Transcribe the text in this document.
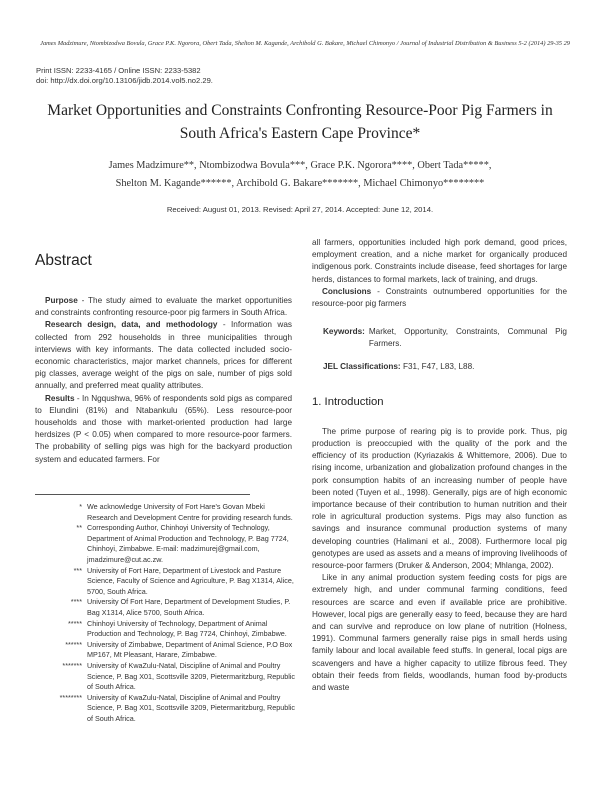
James Madzimure, Ntombizodwa Bovula, Grace P.K. Ngorora, Obert Tada, Shelton M. Kagande, Archibold G. Bakare, Michael Chimonyo / Journal of Industrial Distribution & Business 5-2 (2014) 29-35 29
Print ISSN: 2233-4165 / Online ISSN: 2233-5382
doi: http://dx.doi.org/10.13106/jidb.2014.vol5.no2.29.
Market Opportunities and Constraints Confronting Resource-Poor Pig Farmers in
South Africa's Eastern Cape Province*
James Madzimure**, Ntombizodwa Bovula***, Grace P.K. Ngorora****, Obert Tada*****,
Shelton M. Kagande******, Archibold G. Bakare*******, Michael Chimonyo********
Received: August 01, 2013. Revised: April 27, 2014. Accepted: June 12, 2014.

Abstract

Purpose - The study aimed to evaluate the market opportunities and constraints confronting resource-poor pig farmers in South Africa.

Research design, data, and methodology - Information was collected from 292 households in three municipalities through interviews with key informants. The data collected included socio-economic characteristics, major market channels, prices for different pig classes, average weight of the pigs on sale, number of pigs sold annually, and preferred meat quality attributes.

Results - In Ngqushwa, 96% of respondents sold pigs as compared to Elundini (81%) and Ntabankulu (65%). Less resource-poor households and those with market-oriented production had large herdsizes (P < 0.05) when compared to more resource-poor farmers. The probability of selling pigs was high for the backyard production system and educated farmers. For

* We acknowledge University of Fort Hare's Govan Mbeki Research and Development Centre for providing research funds.
** Corresponding Author, Chinhoyi University of Technology, Department of Animal Production and Technology, P. Bag 7724, Chinhoyi, Zimbabwe. E-mail: madzimurej@gmail.com, jmadzimure@cut.ac.zw.
*** University of Fort Hare, Department of Livestock and Pasture Science, Faculty of Science and Agriculture, P. Bag X1314, Alice, 5700, South Africa.
**** University Of Fort Hare, Department of Development Studies, P. Bag X1314, Alice 5700, South Africa.
***** Chinhoyi University of Technology, Department of Animal Production and Technology, P. Bag 7724, Chinhoyi, Zimbabwe.
****** University of Zimbabwe, Department of Animal Science, P.O Box MP167, Mt Pleasant, Harare, Zimbabwe.
******* University of KwaZulu-Natal, Discipline of Animal and Poultry Science, P. Bag X01, Scottsville 3209, Pietermaritzburg, Republic of South Africa.
******** University of KwaZulu-Natal, Discipline of Animal and Poultry Science, P. Bag X01, Scottsville 3209, Pietermaritzburg, Republic of South Africa.

all farmers, opportunities included high pork demand, good prices, employment creation, and a niche market for organically produced indigenous pork. Constraints include disease, feed shortages for large herds, distances to formal markets, lack of training, and drugs.

Conclusions - Constraints outnumbered opportunities for the resource-poor pig farmers

Keywords: Market, Opportunity, Constraints, Communal Pig Farmers.

JEL Classifications: F31, F47, L83, L88.

1. Introduction

The prime purpose of rearing pig is to provide pork. Thus, pig production is preoccupied with the quality of the pork and the efficiency of its production (Kyriazakis & Whittemore, 2006). Due to rising income, urbanization and globalization profound changes in the pork consumption habits of an increasing number of people have been noted (Tuyen et al., 1998). Generally, pigs are of high economic importance because of their contribution to human nutrition and their role in agricultural production systems. Pigs may also function as savings and insurance communal production systems of many developing countries (Halimani et al., 2008). Furthermore local pig genotypes are used as assets and a means of improving livelihoods of resource-poor farmers (Druker & Anderson, 2004; Mhlanga, 2002).

Like in any animal production system feeding costs for pigs are extremely high, and under communal farming conditions, feed resources are scarce and even if available price are prohibitive. However, local pigs are generally easy to feed, because they are hard and can survive and reproduce on low plane of nutrition (Holness, 1991). Communal farmers generally raise pigs in small herds using family labour and local available feed stuffs. In general, local pigs are scavengers and have a higher capacity to utilize fibrous feed. They obtain their feeds from fields, woodlands, human food by-products and waste
